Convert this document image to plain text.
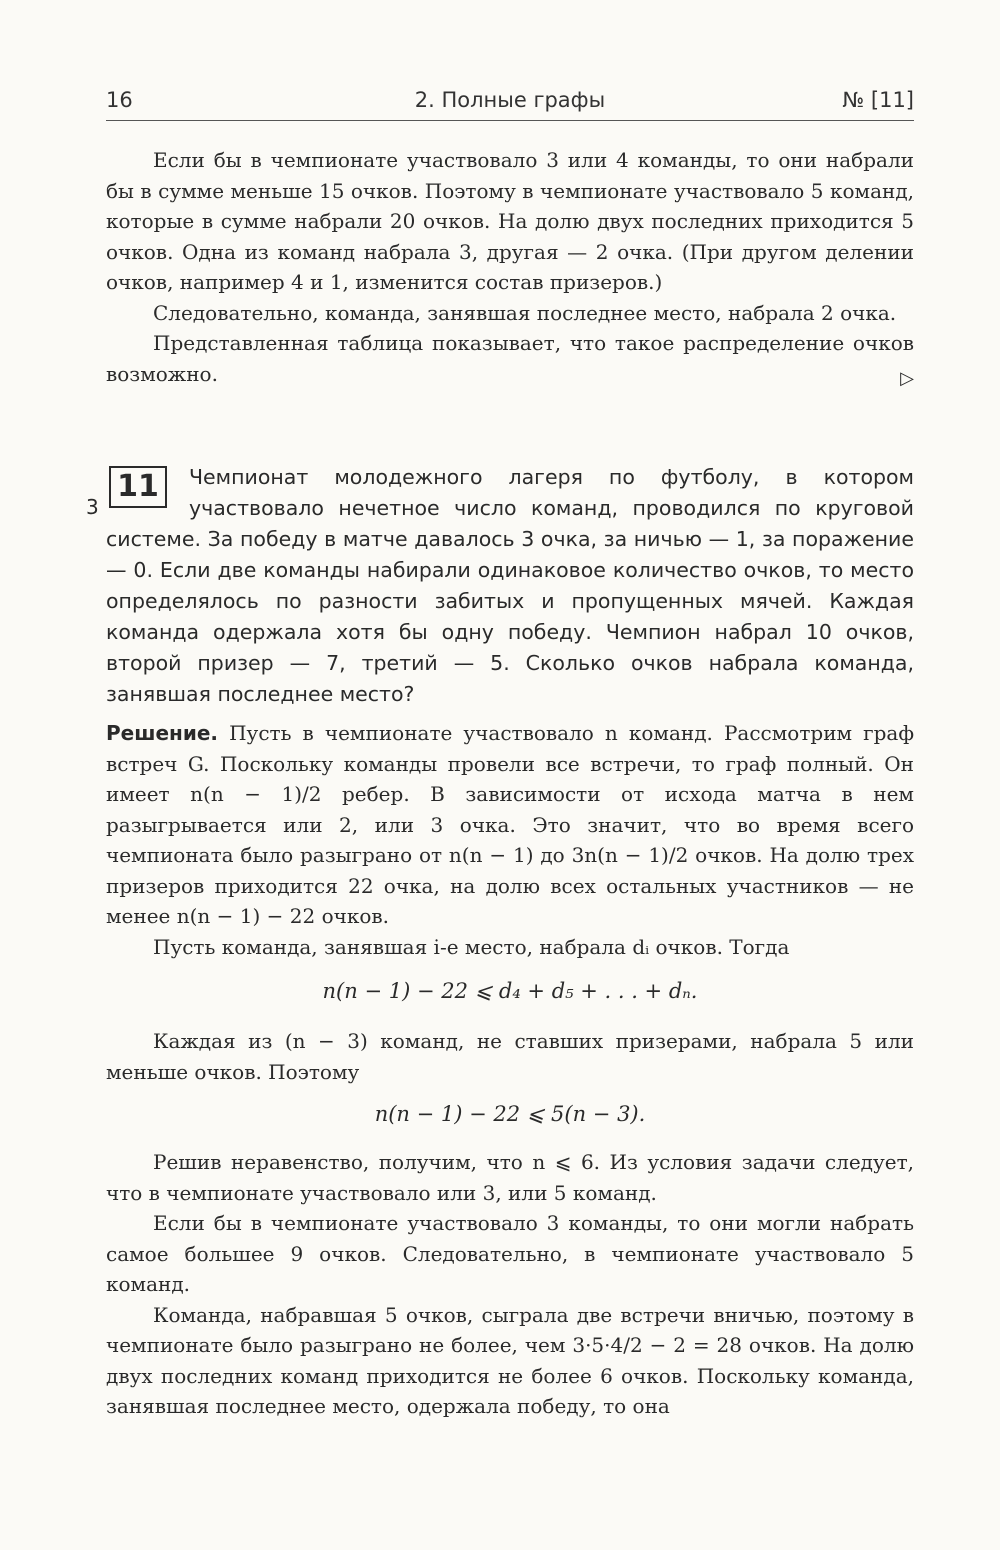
16	2. Полные графы	№ [11]

Если бы в чемпионате участвовало 3 или 4 команды, то они набрали бы в сумме меньше 15 очков. Поэтому в чемпионате участвовало 5 команд, которые в сумме набрали 20 очков. На долю двух последних приходится 5 очков. Одна из команд набрала 3, другая — 2 очка. (При другом делении очков, например 4 и 1, изменится состав призеров.)

Следовательно, команда, занявшая последнее место, набрала 2 очка.

Представленная таблица показывает, что такое распределение очков возможно.	▷
3
11	Чемпионат молодежного лагеря по футболу, в котором участвовало нечетное число команд, проводился по круговой системе. За победу в матче давалось 3 очка, за ничью — 1, за поражение — 0. Если две команды набирали одинаковое количество очков, то место определялось по разности забитых и пропущенных мячей. Каждая команда одержала хотя бы одну победу. Чемпион набрал 10 очков, второй призер — 7, третий — 5. Сколько очков набрала команда, занявшая последнее место?

Решение. Пусть в чемпионате участвовало n команд. Рассмотрим граф встреч G. Поскольку команды провели все встречи, то граф полный. Он имеет n(n − 1)/2 ребер. В зависимости от исхода матча в нем разыгрывается или 2, или 3 очка. Это значит, что во время всего чемпионата было разыграно от n(n − 1) до 3n(n − 1)/2 очков. На долю трех призеров приходится 22 очка, на долю всех остальных участников — не менее n(n − 1) − 22 очков.

Пусть команда, занявшая i-е место, набрала dᵢ очков. Тогда

n(n − 1) − 22 ⩽ d₄ + d₅ + . . . + dₙ.

Каждая из (n − 3) команд, не ставших призерами, набрала 5 или меньше очков. Поэтому

n(n − 1) − 22 ⩽ 5(n − 3).

Решив неравенство, получим, что n ⩽ 6. Из условия задачи следует, что в чемпионате участвовало или 3, или 5 команд.

Если бы в чемпионате участвовало 3 команды, то они могли набрать самое большее 9 очков. Следовательно, в чемпионате участвовало 5 команд.

Команда, набравшая 5 очков, сыграла две встречи вничью, поэтому в чемпионате было разыграно не более, чем 3·5·4/2 − 2 = 28 очков. На долю двух последних команд приходится не более 6 очков. Поскольку команда, занявшая последнее место, одержала победу, то она
